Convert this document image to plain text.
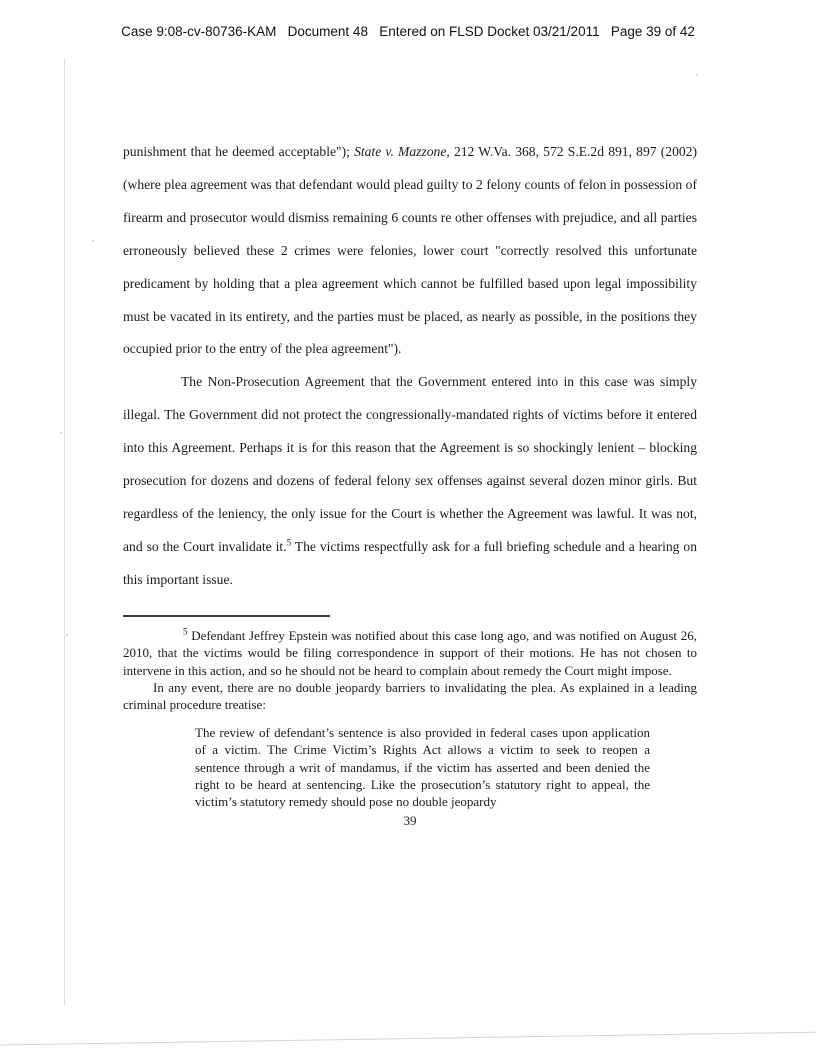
Case 9:08-cv-80736-KAM   Document 48   Entered on FLSD Docket 03/21/2011   Page 39 of 42

punishment that he deemed acceptable"); State v. Mazzone, 212 W.Va. 368, 572 S.E.2d 891, 897 (2002) (where plea agreement was that defendant would plead guilty to 2 felony counts of felon in possession of firearm and prosecutor would dismiss remaining 6 counts re other offenses with prejudice, and all parties erroneously believed these 2 crimes were felonies, lower court "correctly resolved this unfortunate predicament by holding that a plea agreement which cannot be fulfilled based upon legal impossibility must be vacated in its entirety, and the parties must be placed, as nearly as possible, in the positions they occupied prior to the entry of the plea agreement").

The Non-Prosecution Agreement that the Government entered into in this case was simply illegal. The Government did not protect the congressionally-mandated rights of victims before it entered into this Agreement. Perhaps it is for this reason that the Agreement is so shockingly lenient – blocking prosecution for dozens and dozens of federal felony sex offenses against several dozen minor girls. But regardless of the leniency, the only issue for the Court is whether the Agreement was lawful. It was not, and so the Court invalidate it.$^5$ The victims respectfully ask for a full briefing schedule and a hearing on this important issue.

$^5$ Defendant Jeffrey Epstein was notified about this case long ago, and was notified on August 26, 2010, that the victims would be filing correspondence in support of their motions. He has not chosen to intervene in this action, and so he should not be heard to complain about remedy the Court might impose.

In any event, there are no double jeopardy barriers to invalidating the plea. As explained in a leading criminal procedure treatise:

The review of defendant’s sentence is also provided in federal cases upon application of a victim. The Crime Victim’s Rights Act allows a victim to seek to reopen a sentence through a writ of mandamus, if the victim has asserted and been denied the right to be heard at sentencing. Like the prosecution’s statutory right to appeal, the victim’s statutory remedy should pose no double jeopardy

39
